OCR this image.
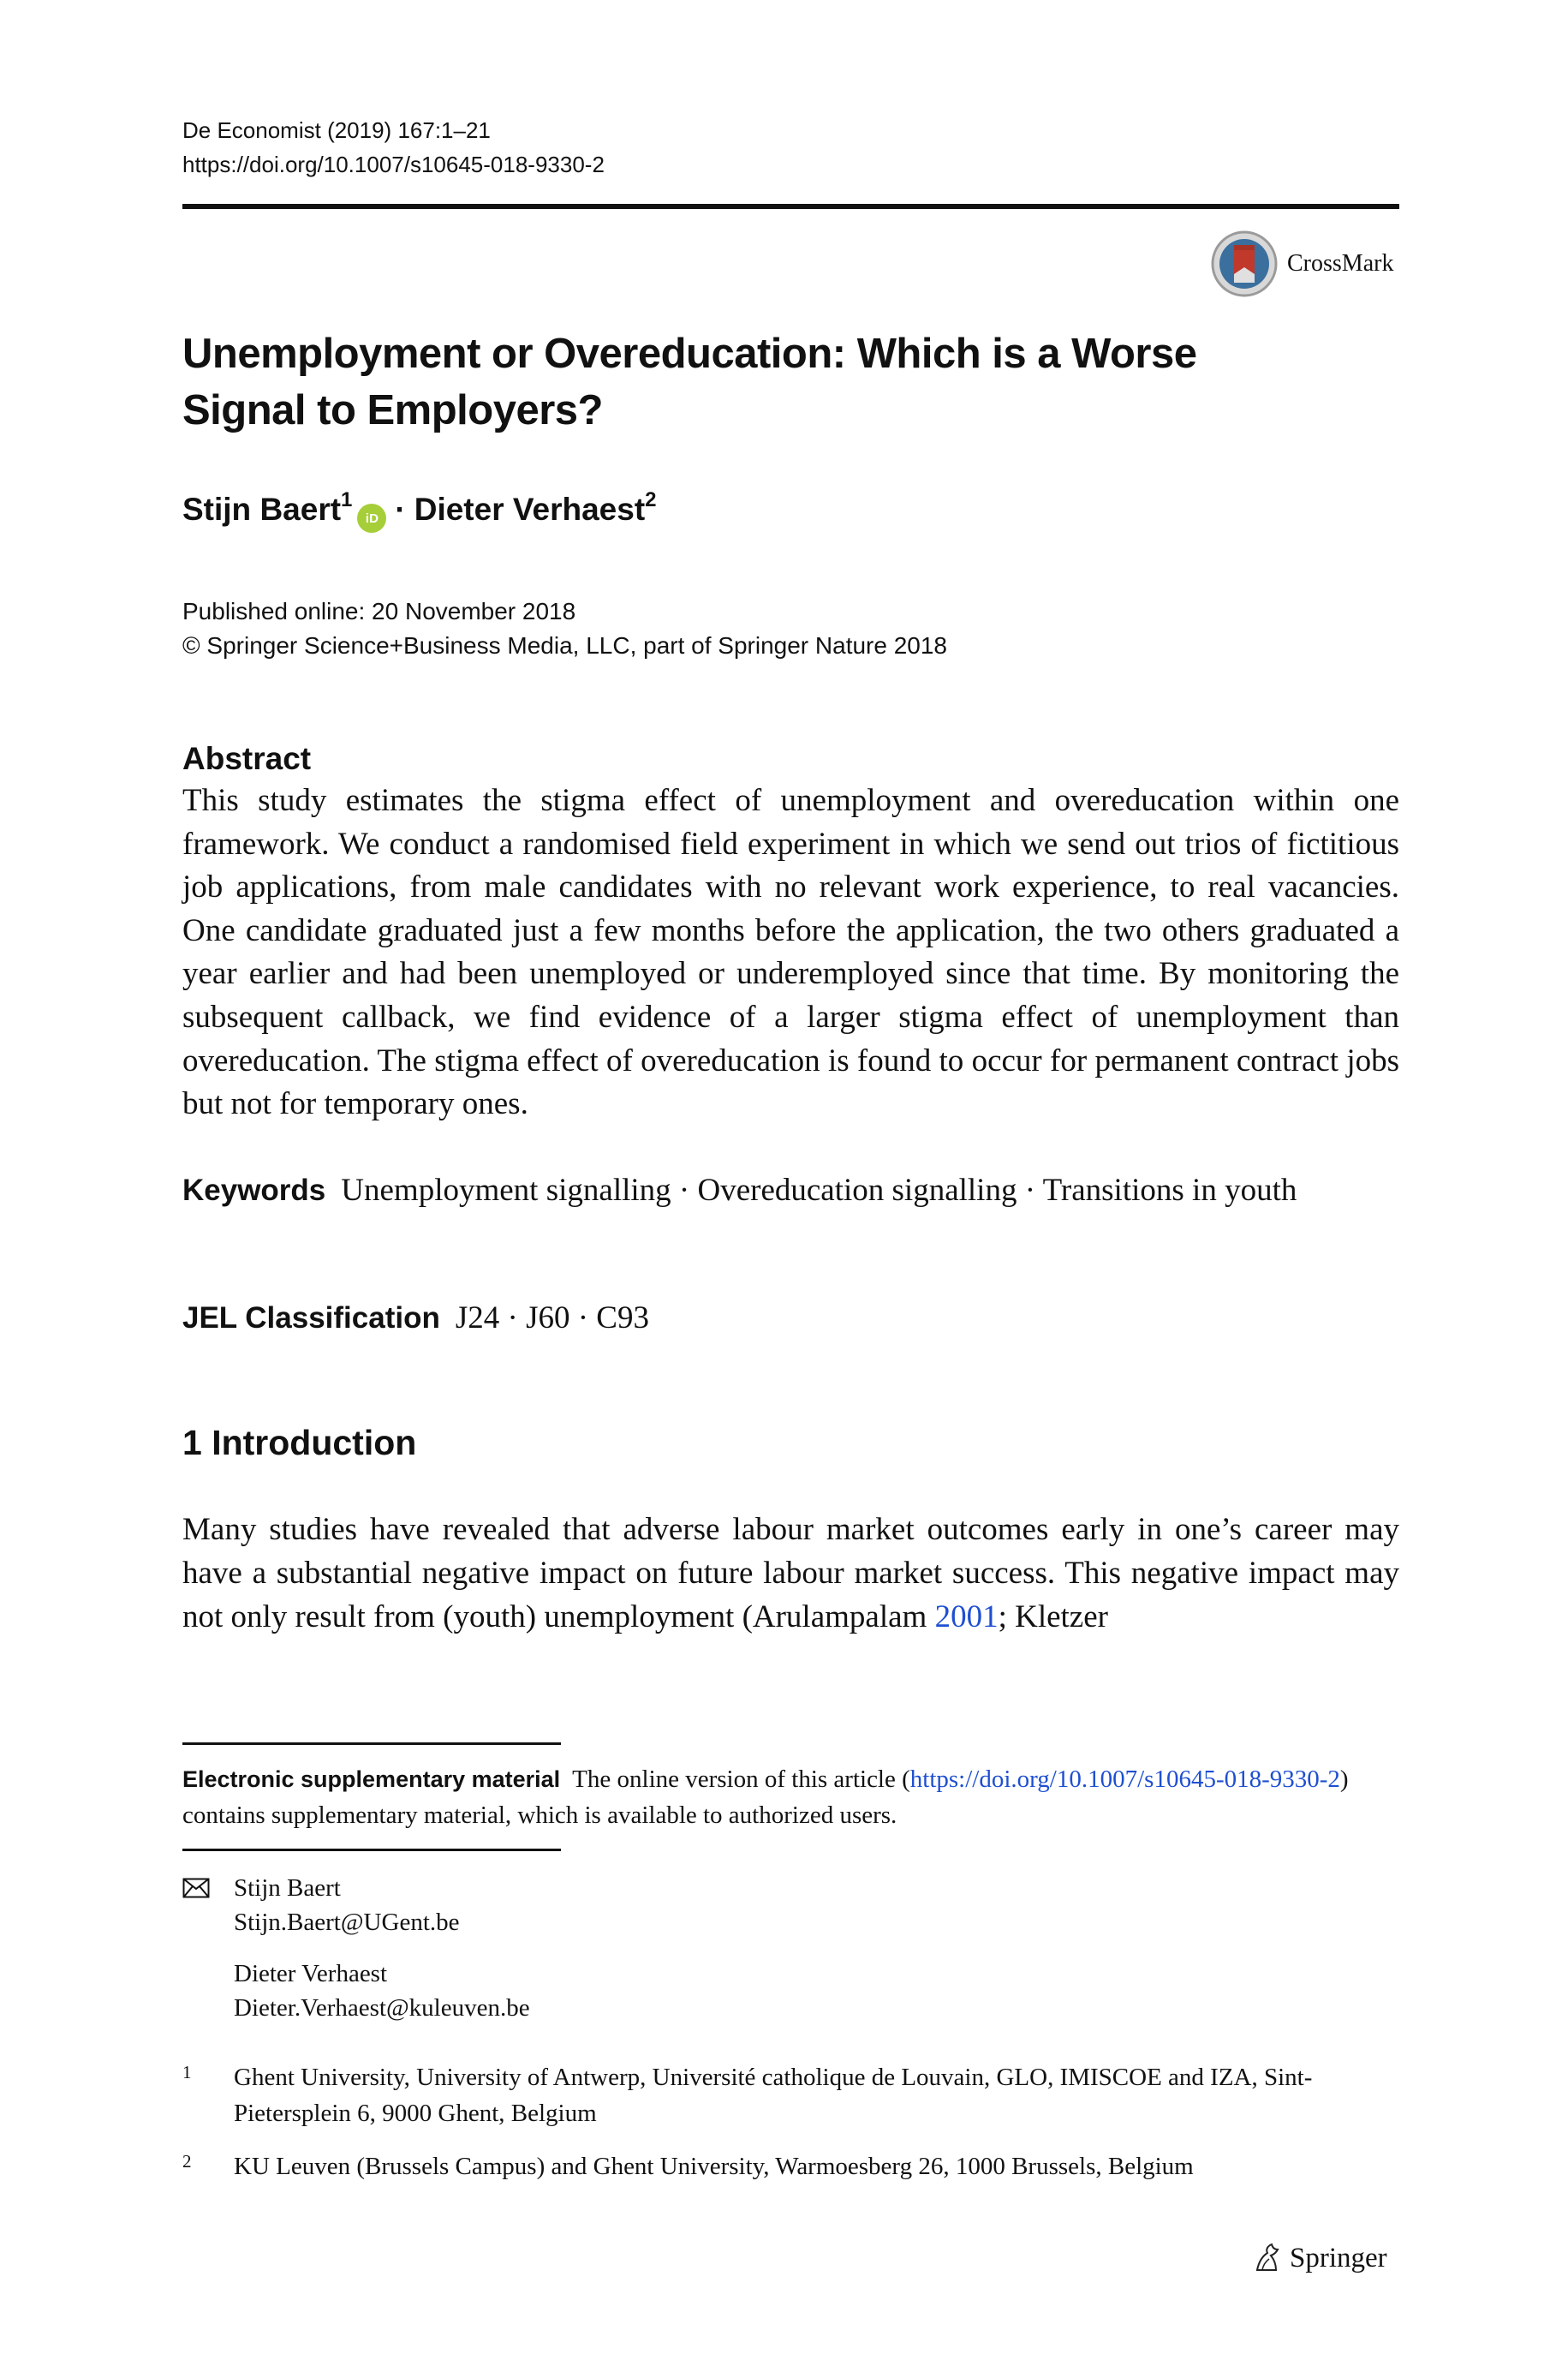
De Economist (2019) 167:1–21
https://doi.org/10.1007/s10645-018-9330-2
CrossMark
Unemployment or Overeducation: Which is a Worse Signal to Employers?
Stijn Baert$^1$
iD · Dieter Verhaest$^2$
Published online: 20 November 2018
© Springer Science+Business Media, LLC, part of Springer Nature 2018
Abstract

This study estimates the stigma effect of unemployment and overeducation within one framework. We conduct a randomised field experiment in which we send out trios of fictitious job applications, from male candidates with no relevant work experience, to real vacancies. One candidate graduated just a few months before the application, the two others graduated a year earlier and had been unemployed or underemployed since that time. By monitoring the subsequent callback, we find evidence of a larger stigma effect of unemployment than overeducation. The stigma effect of overeducation is found to occur for permanent contract jobs but not for temporary ones.

Keywords Unemployment signalling · Overeducation signalling · Transitions in youth

JEL Classification J24 · J60 · C93

1 Introduction

Many studies have revealed that adverse labour market outcomes early in one’s career may have a substantial negative impact on future labour market success. This negative impact may not only result from (youth) unemployment (Arulampalam 2001; Kletzer

Electronic supplementary material The online version of this article (https://doi.org/10.1007/s10645-018-9330-2) contains supplementary material, which is available to authorized users.

Stijn Baert
Stijn.Baert@UGent.be
Dieter Verhaest
Dieter.Verhaest@kuleuven.be
1	Ghent University, University of Antwerp, Université catholique de Louvain, GLO, IMISCOE and IZA, Sint-Pietersplein 6, 9000 Ghent, Belgium
2	KU Leuven (Brussels Campus) and Ghent University, Warmoesberg 26, 1000 Brussels, Belgium
Springer
